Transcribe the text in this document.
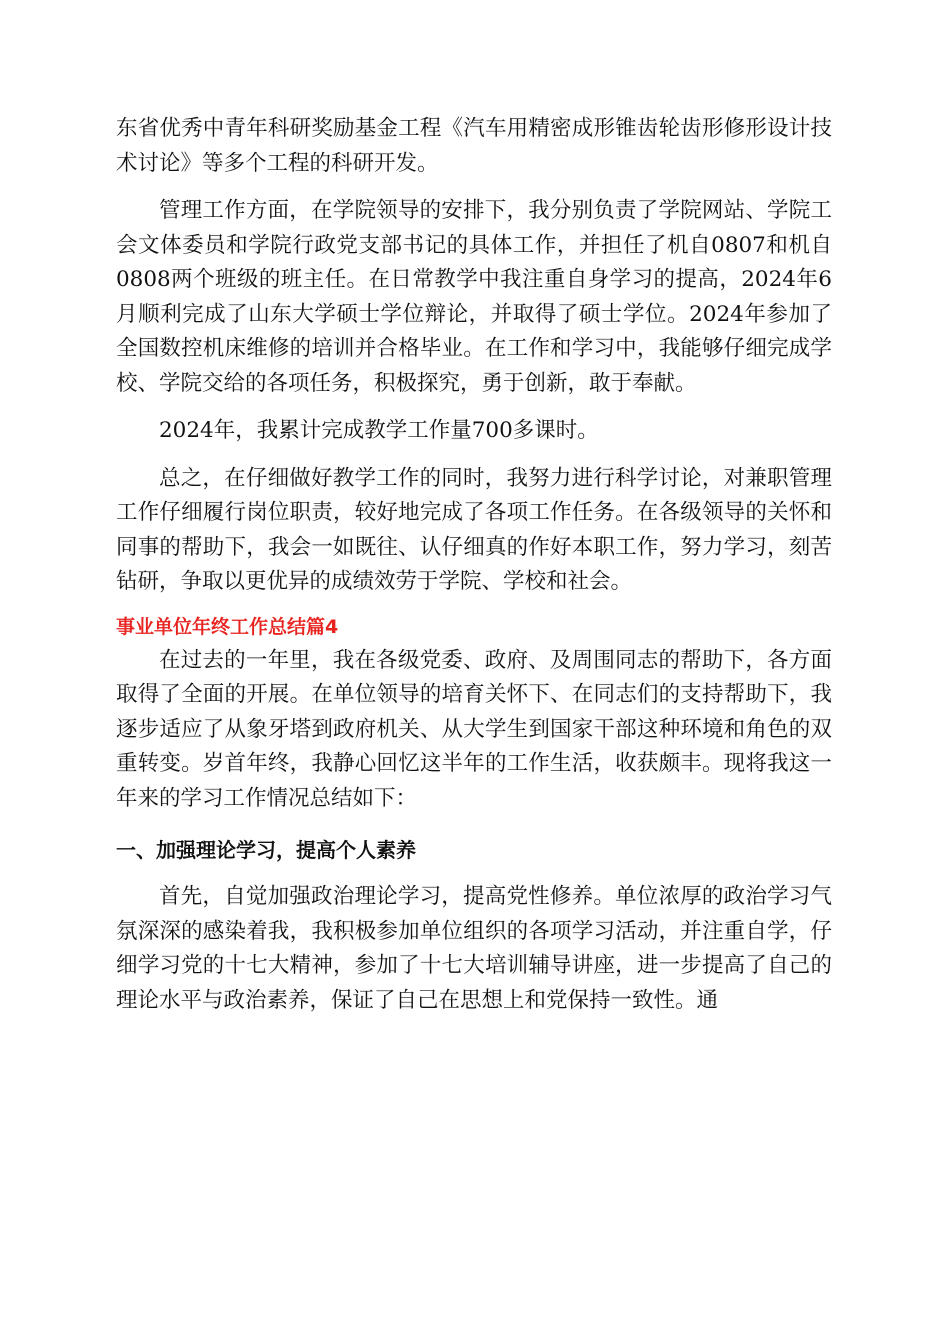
东省优秀中青年科研奖励基金工程《汽车用精密成形锥齿轮齿形修形设计技术讨论》等多个工程的科研开发。

管理工作方面，在学院领导的安排下，我分别负责了学院网站、学院工会文体委员和学院行政党支部书记的具体工作，并担任了机自0807和机自0808两个班级的班主任。在日常教学中我注重自身学习的提高，2024年6月顺利完成了山东大学硕士学位辩论，并取得了硕士学位。2024年参加了全国数控机床维修的培训并合格毕业。在工作和学习中，我能够仔细完成学校、学院交给的各项任务，积极探究，勇于创新，敢于奉献。

2024年，我累计完成教学工作量700多课时。

总之，在仔细做好教学工作的同时，我努力进行科学讨论，对兼职管理工作仔细履行岗位职责，较好地完成了各项工作任务。在各级领导的关怀和同事的帮助下，我会一如既往、认仔细真的作好本职工作，努力学习，刻苦钻研，争取以更优异的成绩效劳于学院、学校和社会。

事业单位年终工作总结篇4

在过去的一年里，我在各级党委、政府、及周围同志的帮助下，各方面取得了全面的开展。在单位领导的培育关怀下、在同志们的支持帮助下，我逐步适应了从象牙塔到政府机关、从大学生到国家干部这种环境和角色的双重转变。岁首年终，我静心回忆这半年的工作生活，收获颇丰。现将我这一年来的学习工作情况总结如下：

一、加强理论学习，提高个人素养

首先，自觉加强政治理论学习，提高党性修养。单位浓厚的政治学习气氛深深的感染着我，我积极参加单位组织的各项学习活动，并注重自学，仔细学习党的十七大精神，参加了十七大培训辅导讲座，进一步提高了自己的理论水平与政治素养，保证了自己在思想上和党保持一致性。通
